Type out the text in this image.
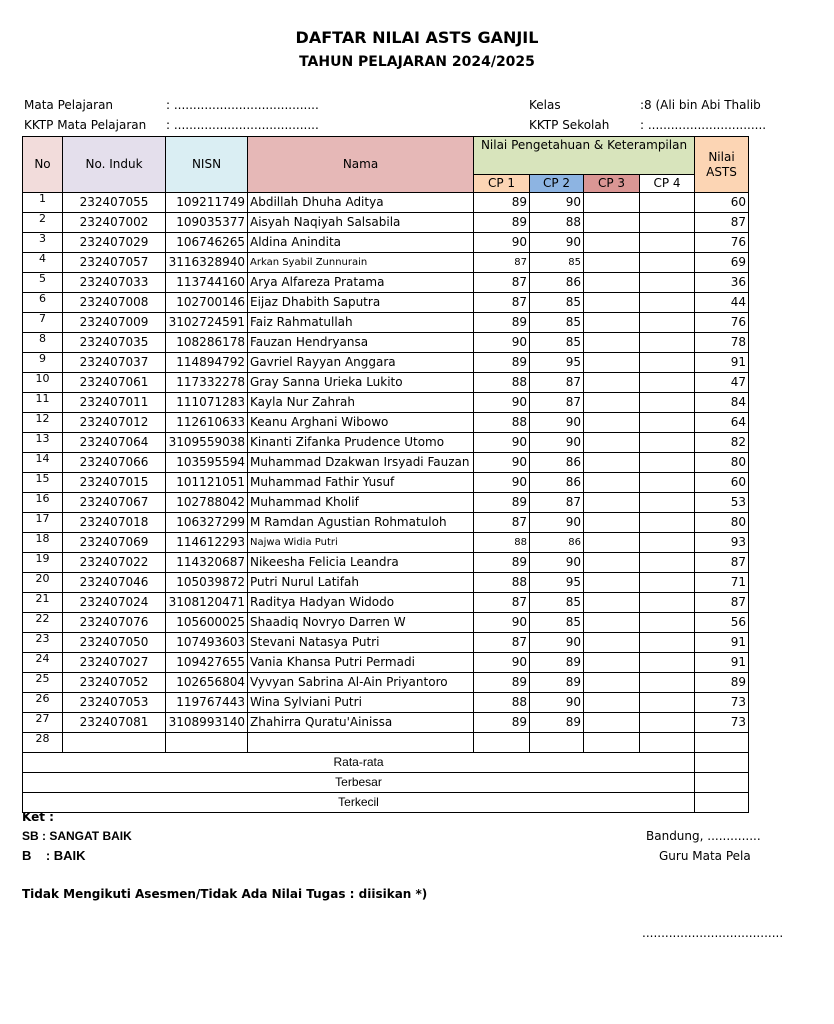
DAFTAR NILAI ASTS GANJIL
TAHUN PELAJARAN 2024/2025
Mata Pelajaran	: ......................................
KKTP Mata Pelajaran : ......................................
Kelas	:8 (Ali bin Abi Thalib
KKTP Sekolah	: ...............................
No	No. Induk	NISN	Nama	Nilai Pengetahuan & Keterampilan				Nilai ASTS
				CP 1	CP 2	CP 3	CP 4	
1	232407055	109211749	Abdillah Dhuha Aditya	89	90			60
2	232407002	109035377	Aisyah Naqiyah Salsabila	89	88			87
3	232407029	106746265	Aldina Anindita	90	90			76
4	232407057	3116328940	Arkan Syabil Zunnurain	87	85			69
5	232407033	113744160	Arya Alfareza Pratama	87	86			36
6	232407008	102700146	Eijaz Dhabith Saputra	87	85			44
7	232407009	3102724591	Faiz Rahmatullah	89	85			76
8	232407035	108286178	Fauzan Hendryansa	90	85			78
9	232407037	114894792	Gavriel Rayyan Anggara	89	95			91
10	232407061	117332278	Gray Sanna Urieka Lukito	88	87			47
11	232407011	111071283	Kayla Nur Zahrah	90	87			84
12	232407012	112610633	Keanu Arghani Wibowo	88	90			64
13	232407064	3109559038	Kinanti Zifanka Prudence Utomo	90	90			82
14	232407066	103595594	Muhammad Dzakwan Irsyadi Fauzan	90	86			80
15	232407015	101121051	Muhammad Fathir Yusuf	90	86			60
16	232407067	102788042	Muhammad Kholif	89	87			53
17	232407018	106327299	M Ramdan Agustian Rohmatuloh	87	90			80
18	232407069	114612293	Najwa Widia Putri	88	86			93
19	232407022	114320687	Nikeesha Felicia Leandra	89	90			87
20	232407046	105039872	Putri Nurul Latifah	88	95			71
21	232407024	3108120471	Raditya Hadyan Widodo	87	85			87
22	232407076	105600025	Shaadiq Novryo Darren W	90	85			56
23	232407050	107493603	Stevani Natasya Putri	87	90			91
24	232407027	109427655	Vania Khansa Putri Permadi	90	89			91
25	232407052	102656804	Vyvyan Sabrina Al-Ain Priyantoro	89	89			89
26	232407053	119767443	Wina Sylviani Putri	88	90			73
27	232407081	3108993140	Zhahirra Quratu'Ainissa	89	89			73
28								
Rata-rata								
Terbesar								
Terkecil								
Ket :
SB : SANGAT BAIK
B    : BAIK
Tidak Mengikuti Asesmen/Tidak Ada Nilai Tugas : diisikan *)
Bandung, ..............
Guru Mata Pela
.....................................
